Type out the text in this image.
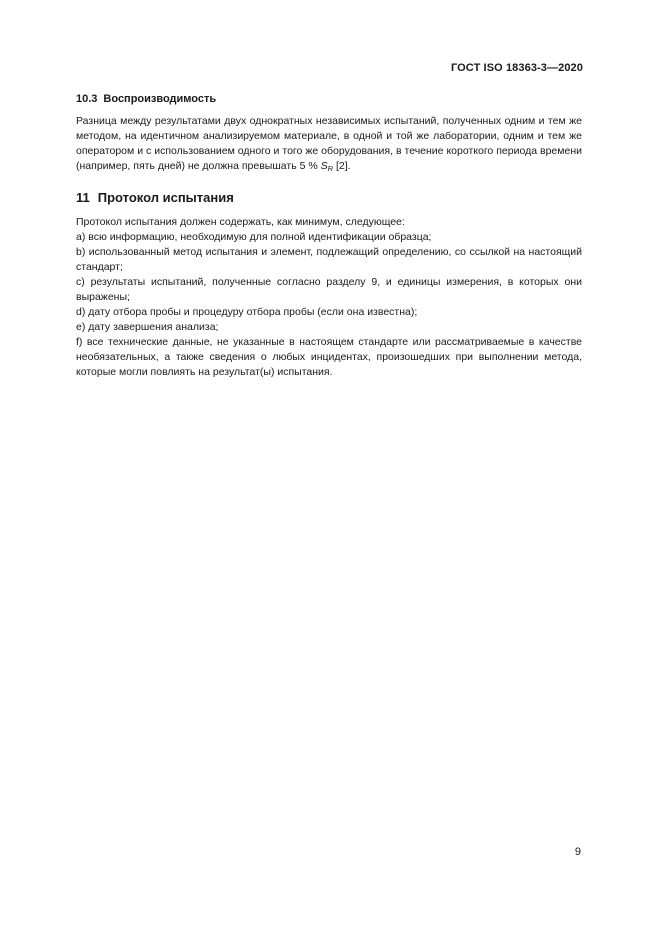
ГОСТ ISO 18363-3—2020
10.3 Воспроизводимость

Разница между результатами двух однократных независимых испытаний, полученных одним и тем же методом, на идентичном анализируемом материале, в одной и той же лаборатории, одним и тем же оператором и с использованием одного и того же оборудования, в течение короткого периода времени (например, пять дней) не должна превышать 5 % SR [2].

11 Протокол испытания

Протокол испытания должен содержать, как минимум, следующее:

a) всю информацию, необходимую для полной идентификации образца;

b) использованный метод испытания и элемент, подлежащий определению, со ссылкой на настоящий стандарт;

c) результаты испытаний, полученные согласно разделу 9, и единицы измерения, в которых они выражены;

d) дату отбора пробы и процедуру отбора пробы (если она известна);

e) дату завершения анализа;

f) все технические данные, не указанные в настоящем стандарте или рассматриваемые в качестве необязательных, а также сведения о любых инцидентах, произошедших при выполнении метода, которые могли повлиять на результат(ы) испытания.

9
